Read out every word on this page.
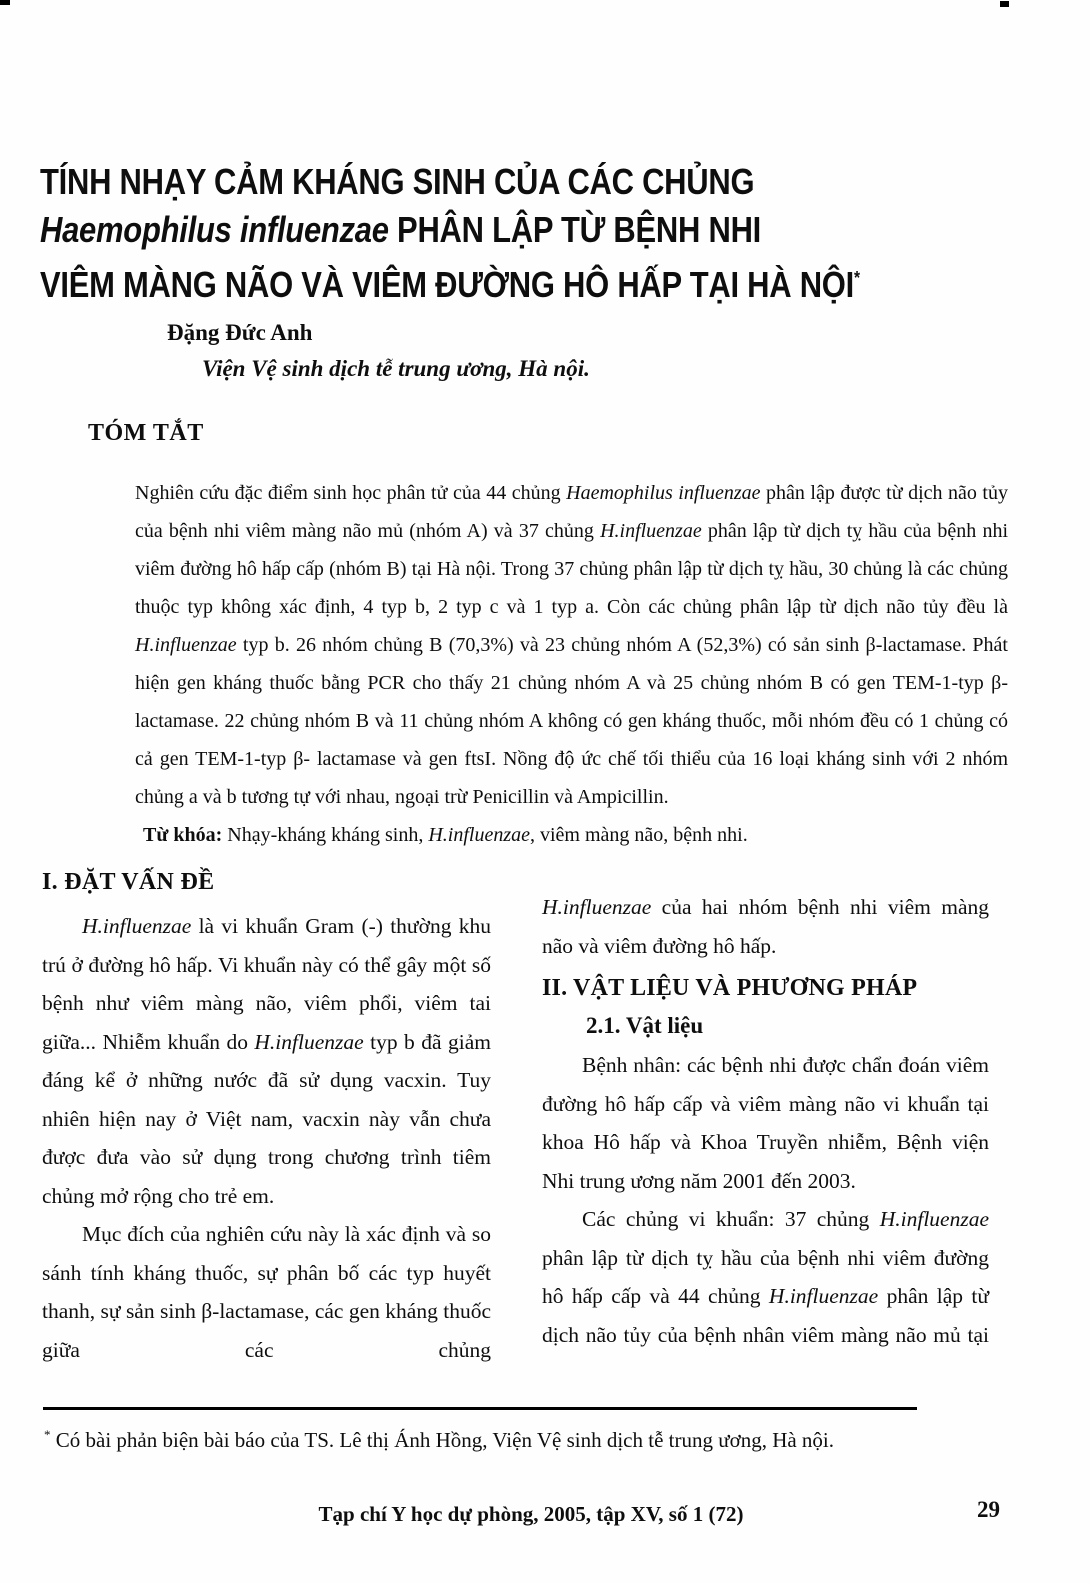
TÍNH NHẠY CẢM KHÁNG SINH CỦA CÁC CHỦNG
Haemophilus influenzae PHÂN LẬP TỪ BỆNH NHI
VIÊM MÀNG NÃO VÀ VIÊM ĐƯỜNG HÔ HẤP TẠI HÀ NỘI*
Đặng Đức Anh
Viện Vệ sinh dịch tễ trung ương, Hà nội.
TÓM TẮT

Nghiên cứu đặc điểm sinh học phân tử của 44 chủng Haemophilus influenzae phân lập được từ dịch não tủy của bệnh nhi viêm màng não mủ (nhóm A) và 37 chủng H.influenzae phân lập từ dịch tỵ hầu của bệnh nhi viêm đường hô hấp cấp (nhóm B) tại Hà nội. Trong 37 chủng phân lập từ dịch tỵ hầu, 30 chủng là các chủng thuộc typ không xác định, 4 typ b, 2 typ c và 1 typ a. Còn các chủng phân lập từ dịch não tủy đều là H.influenzae typ b. 26 nhóm chủng B (70,3%) và 23 chủng nhóm A (52,3%) có sản sinh β-lactamase. Phát hiện gen kháng thuốc bằng PCR cho thấy 21 chủng nhóm A và 25 chủng nhóm B có gen TEM-1-typ β- lactamase. 22 chủng nhóm B và 11 chủng nhóm A không có gen kháng thuốc, mỗi nhóm đều có 1 chủng có cả gen TEM-1-typ β- lactamase và gen ftsI. Nồng độ ức chế tối thiểu của 16 loại kháng sinh với 2 nhóm chủng a và b tương tự với nhau, ngoại trừ Penicillin và Ampicillin.

Từ khóa: Nhạy-kháng kháng sinh, H.influenzae, viêm màng não, bệnh nhi.

I. ĐẶT VẤN ĐỀ

H.influenzae là vi khuẩn Gram (-) thường khu trú ở đường hô hấp. Vi khuẩn này có thể gây một số bệnh như viêm màng não, viêm phổi, viêm tai giữa... Nhiễm khuẩn do H.influenzae typ b đã giảm đáng kể ở những nước đã sử dụng vacxin. Tuy nhiên hiện nay ở Việt nam, vacxin này vẫn chưa được đưa vào sử dụng trong chương trình tiêm chủng mở rộng cho trẻ em.

Mục đích của nghiên cứu này là xác định và so sánh tính kháng thuốc, sự phân bố các typ huyết thanh, sự sản sinh β-lactamase, các gen kháng thuốc giữa các chủng

H.influenzae của hai nhóm bệnh nhi viêm màng não và viêm đường hô hấp.

II. VẬT LIỆU VÀ PHƯƠNG PHÁP
2.1. Vật liệu

Bệnh nhân: các bệnh nhi được chẩn đoán viêm đường hô hấp cấp và viêm màng não vi khuẩn tại khoa Hô hấp và Khoa Truyền nhiễm, Bệnh viện Nhi trung ương năm 2001 đến 2003.

Các chủng vi khuẩn: 37 chủng H.influenzae phân lập từ dịch tỵ hầu của bệnh nhi viêm đường hô hấp cấp và 44 chủng H.influenzae phân lập từ dịch não tủy của bệnh nhân viêm màng não mủ tại

* Có bài phản biện bài báo của TS. Lê thị Ánh Hồng, Viện Vệ sinh dịch tễ trung ương, Hà nội.
Tạp chí Y học dự phòng, 2005, tập XV, số 1 (72)	29
